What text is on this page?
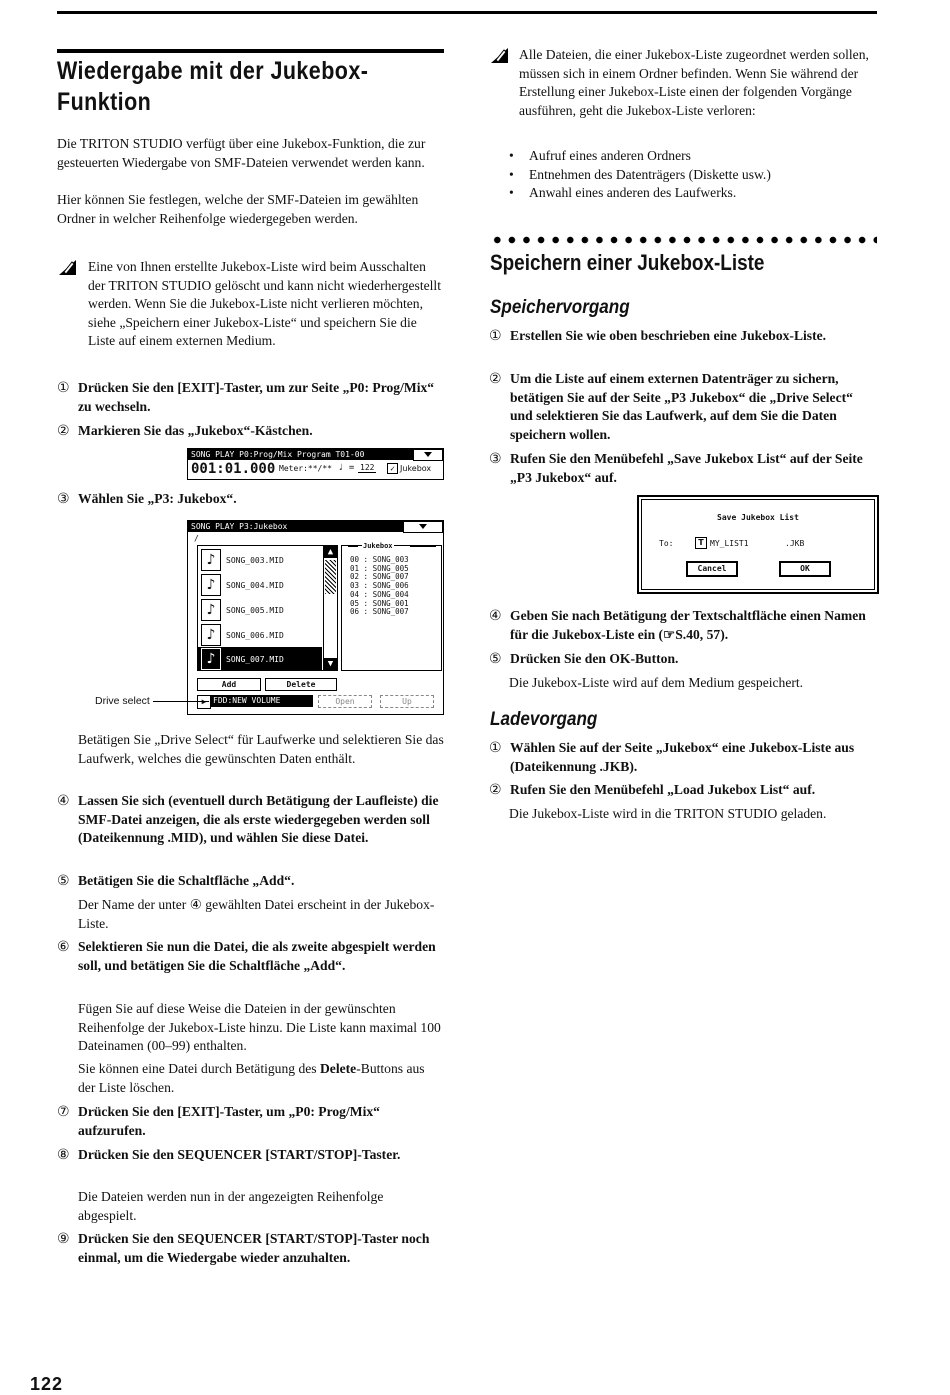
Wiedergabe mit der Jukebox-Funktion

Die TRITON STUDIO verfügt über eine Jukebox-Funktion, die zur gesteuerten Wiedergabe von SMF-Dateien verwendet werden kann.

Hier können Sie festlegen, welche der SMF-Dateien im gewählten Ordner in welcher Reihenfolge wiedergegeben werden.

Eine von Ihnen erstellte Jukebox-Liste wird beim Ausschalten der TRITON STUDIO gelöscht und kann nicht wiederhergestellt werden. Wenn Sie die Jukebox-Liste nicht verlieren möchten, siehe „Speichern einer Jukebox-Liste“ und speichern Sie die Liste auf einem externen Medium.

① Drücken Sie den [EXIT]-Taster, um zur Seite „P0: Prog/Mix“ zu wechseln.
② Markieren Sie das „Jukebox“-Kästchen.
SONG PLAY P0:Prog/Mix Program T01-00
001:01.000 Meter:**/** ♩ = 122	✓ Jukebox
③ Wählen Sie „P3: Jukebox“.
SONG PLAY P3:Jukebox
/
♪	SONG_003.MID
♪	SONG_004.MID
♪	SONG_005.MID
♪	SONG_006.MID
♪	SONG_007.MID
▲
▼
Jukebox
00 : SONG_003
01 : SONG_005
02 : SONG_007
03 : SONG_006
04 : SONG_004
05 : SONG_001
06 : SONG_007
Add	Delete
FDD:NEW VOLUME	Open	Up
Drive select

Betätigen Sie „Drive Select“ für Laufwerke und selektieren Sie das Laufwerk, welches die gewünschten Daten enthält.

④ Lassen Sie sich (eventuell durch Betätigung der Laufleiste) die SMF-Datei anzeigen, die als erste wiedergegeben werden soll (Dateikennung .MID), und wählen Sie diese Datei.
⑤ Betätigen Sie die Schaltfläche „Add“.

Der Name der unter ④ gewählten Datei erscheint in der Jukebox-Liste.

⑥ Selektieren Sie nun die Datei, die als zweite abgespielt werden soll, und betätigen Sie die Schaltfläche „Add“.

Fügen Sie auf diese Weise die Dateien in der gewünschten Reihenfolge der Jukebox-Liste hinzu. Die Liste kann maximal 100 Dateinamen (00–99) enthalten.

Sie können eine Datei durch Betätigung des Delete-Buttons aus der Liste löschen.

⑦ Drücken Sie den [EXIT]-Taster, um „P0: Prog/Mix“ aufzurufen.
⑧ Drücken Sie den SEQUENCER [START/STOP]-Taster.

Die Dateien werden nun in der angezeigten Reihenfolge abgespielt.

⑨ Drücken Sie den SEQUENCER [START/STOP]-Taster noch einmal, um die Wiedergabe wieder anzuhalten.

Alle Dateien, die einer Jukebox-Liste zugeordnet werden sollen, müssen sich in einem Ordner befinden. Wenn Sie während der Erstellung einer Jukebox-Liste einen der folgenden Vorgänge ausführen, geht die Jukebox-Liste verloren:

• Aufruf eines anderen Ordners
• Entnehmen des Datenträgers (Diskette usw.)
• Anwahl eines anderen des Laufwerks.
Speichern einer Jukebox-Liste
Speichervorgang
① Erstellen Sie wie oben beschrieben eine Jukebox-Liste.
② Um die Liste auf einem externen Datenträger zu sichern, betätigen Sie auf der Seite „P3 Jukebox“ die „Drive Select“ und selektieren Sie das Laufwerk, auf dem Sie die Daten speichern wollen.
③ Rufen Sie den Menübefehl „Save Jukebox List“ auf der Seite „P3 Jukebox“ auf.
Save Jukebox List
To:	T MY_LIST1	.JKB
Cancel	OK
④ Geben Sie nach Betätigung der Textschaltfläche einen Namen für die Jukebox-Liste ein (☞S.40, 57).
⑤ Drücken Sie den OK-Button.

Die Jukebox-Liste wird auf dem Medium gespeichert.

Ladevorgang
① Wählen Sie auf der Seite „Jukebox“ eine Jukebox-Liste aus (Dateikennung .JKB).
② Rufen Sie den Menübefehl „Load Jukebox List“ auf.

Die Jukebox-Liste wird in die TRITON STUDIO geladen.

122
